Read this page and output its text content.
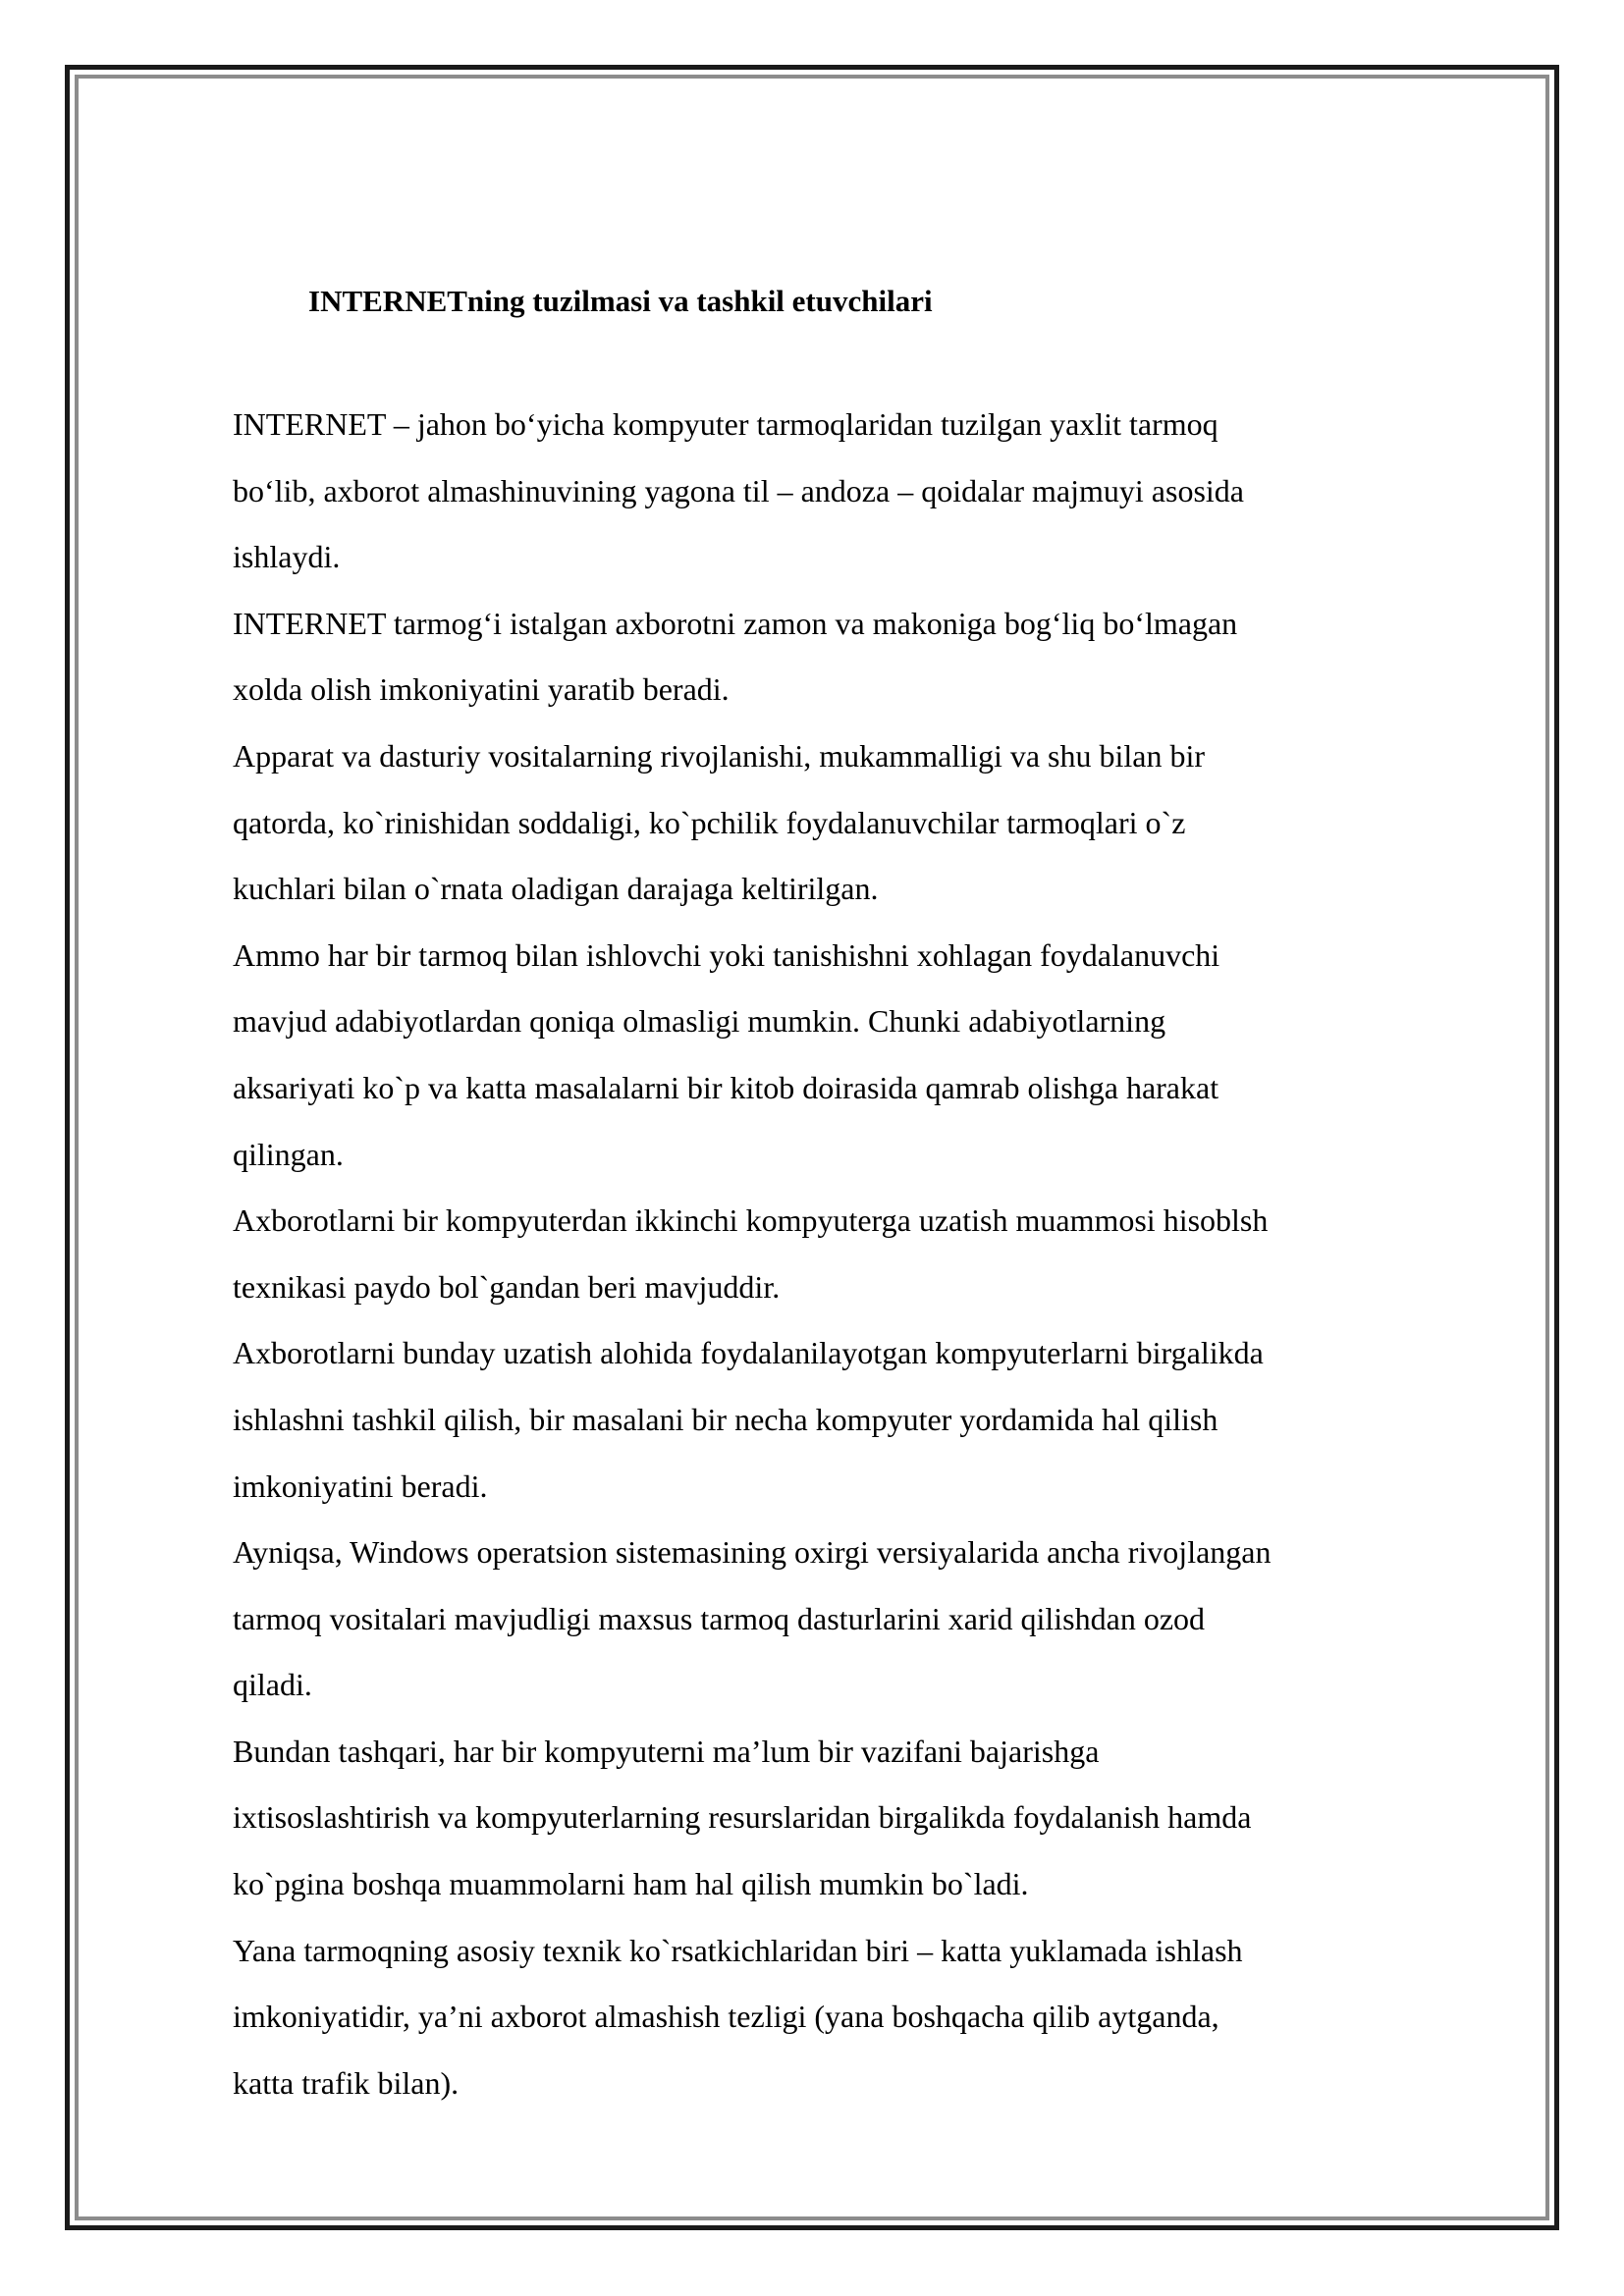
INTERNETning tuzilmasi va tashkil etuvchilari
INTERNET – jahon bo‘yicha kompyuter tarmoqlaridan tuzilgan yaxlit tarmoq
bo‘lib, axborot almashinuvining yagona til – andoza – qoidalar majmuyi asosida
ishlaydi.
INTERNET tarmog‘i istalgan axborotni zamon va makoniga bog‘liq bo‘lmagan
xolda olish imkoniyatini yaratib beradi.
Apparat va dasturiy vositalarning rivojlanishi, mukammalligi va shu bilan bir
qatorda, ko`rinishidan soddaligi, ko`pchilik foydalanuvchilar tarmoqlari o`z
kuchlari bilan o`rnata oladigan darajaga keltirilgan.
Ammo har bir tarmoq bilan ishlovchi yoki tanishishni xohlagan foydalanuvchi
mavjud adabiyotlardan qoniqa olmasligi mumkin. Chunki adabiyotlarning
aksariyati ko`p va katta masalalarni bir kitob doirasida qamrab olishga harakat
qilingan.
Axborotlarni bir kompyuterdan ikkinchi kompyuterga uzatish muammosi hisoblsh
texnikasi paydo bol`gandan beri mavjuddir.
Axborotlarni bunday uzatish alohida foydalanilayotgan kompyuterlarni birgalikda
ishlashni tashkil qilish, bir masalani bir necha kompyuter yordamida hal qilish
imkoniyatini beradi.
Ayniqsa, Windows operatsion sistemasining oxirgi versiyalarida ancha rivojlangan
tarmoq vositalari mavjudligi maxsus tarmoq dasturlarini xarid qilishdan ozod
qiladi.
Bundan tashqari, har bir kompyuterni ma’lum bir vazifani bajarishga
ixtisoslashtirish va kompyuterlarning resurslaridan birgalikda foydalanish hamda
ko`pgina boshqa muammolarni ham hal qilish mumkin bo`ladi.
Yana tarmoqning asosiy texnik ko`rsatkichlaridan biri – katta yuklamada ishlash
imkoniyatidir, ya’ni axborot almashish tezligi (yana boshqacha qilib aytganda,
katta trafik bilan).
